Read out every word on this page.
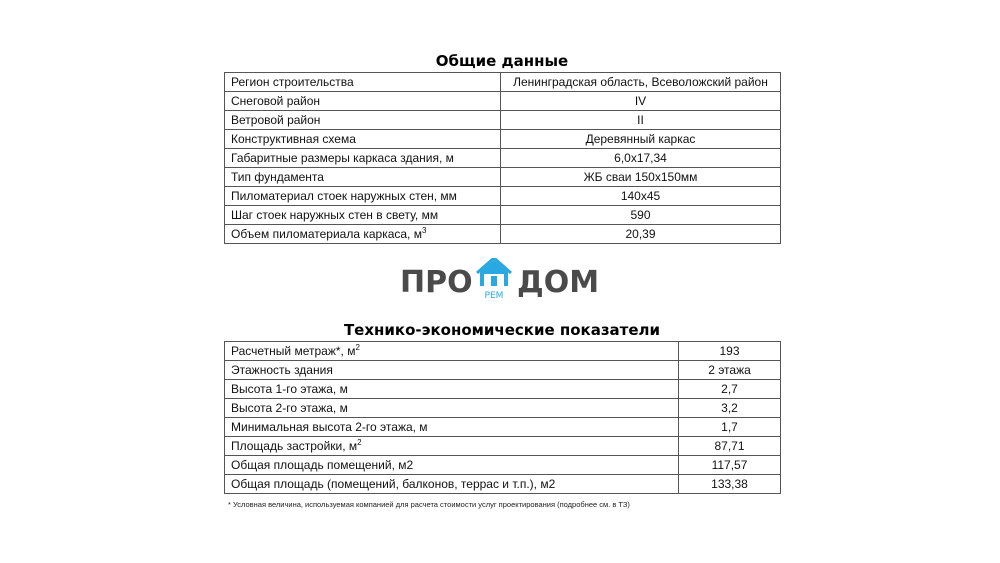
Общие данные
Регион строительства	Ленинградская область, Всеволожский район
Снеговой район	IV
Ветровой район	II
Конструктивная схема	Деревянный каркас
Габаритные размеры каркаса здания, м	6,0х17,34
Тип фундамента	ЖБ сваи 150х150мм
Пиломатериал стоек наружных стен, мм	140х45
Шаг стоек наружных стен в свету, мм	590
Объем пиломатериала каркаса, $м^3$	20,39
ПРО РЕМ ДОМ
Технико-экономические показатели
Расчетный метраж*, $м^2$	193
Этажность здания	2 этажа
Высота 1-го этажа, м	2,7
Высота 2-го этажа, м	3,2
Минимальная высота 2-го этажа, м	1,7
Площадь застройки, $м^2$	87,71
Общая площадь помещений, м2	117,57
Общая площадь (помещений, балконов, террас и т.п.), м2	133,38
* Условная величина, используемая компанией для расчета стоимости услуг проектирования (подробнее см. в ТЗ)
